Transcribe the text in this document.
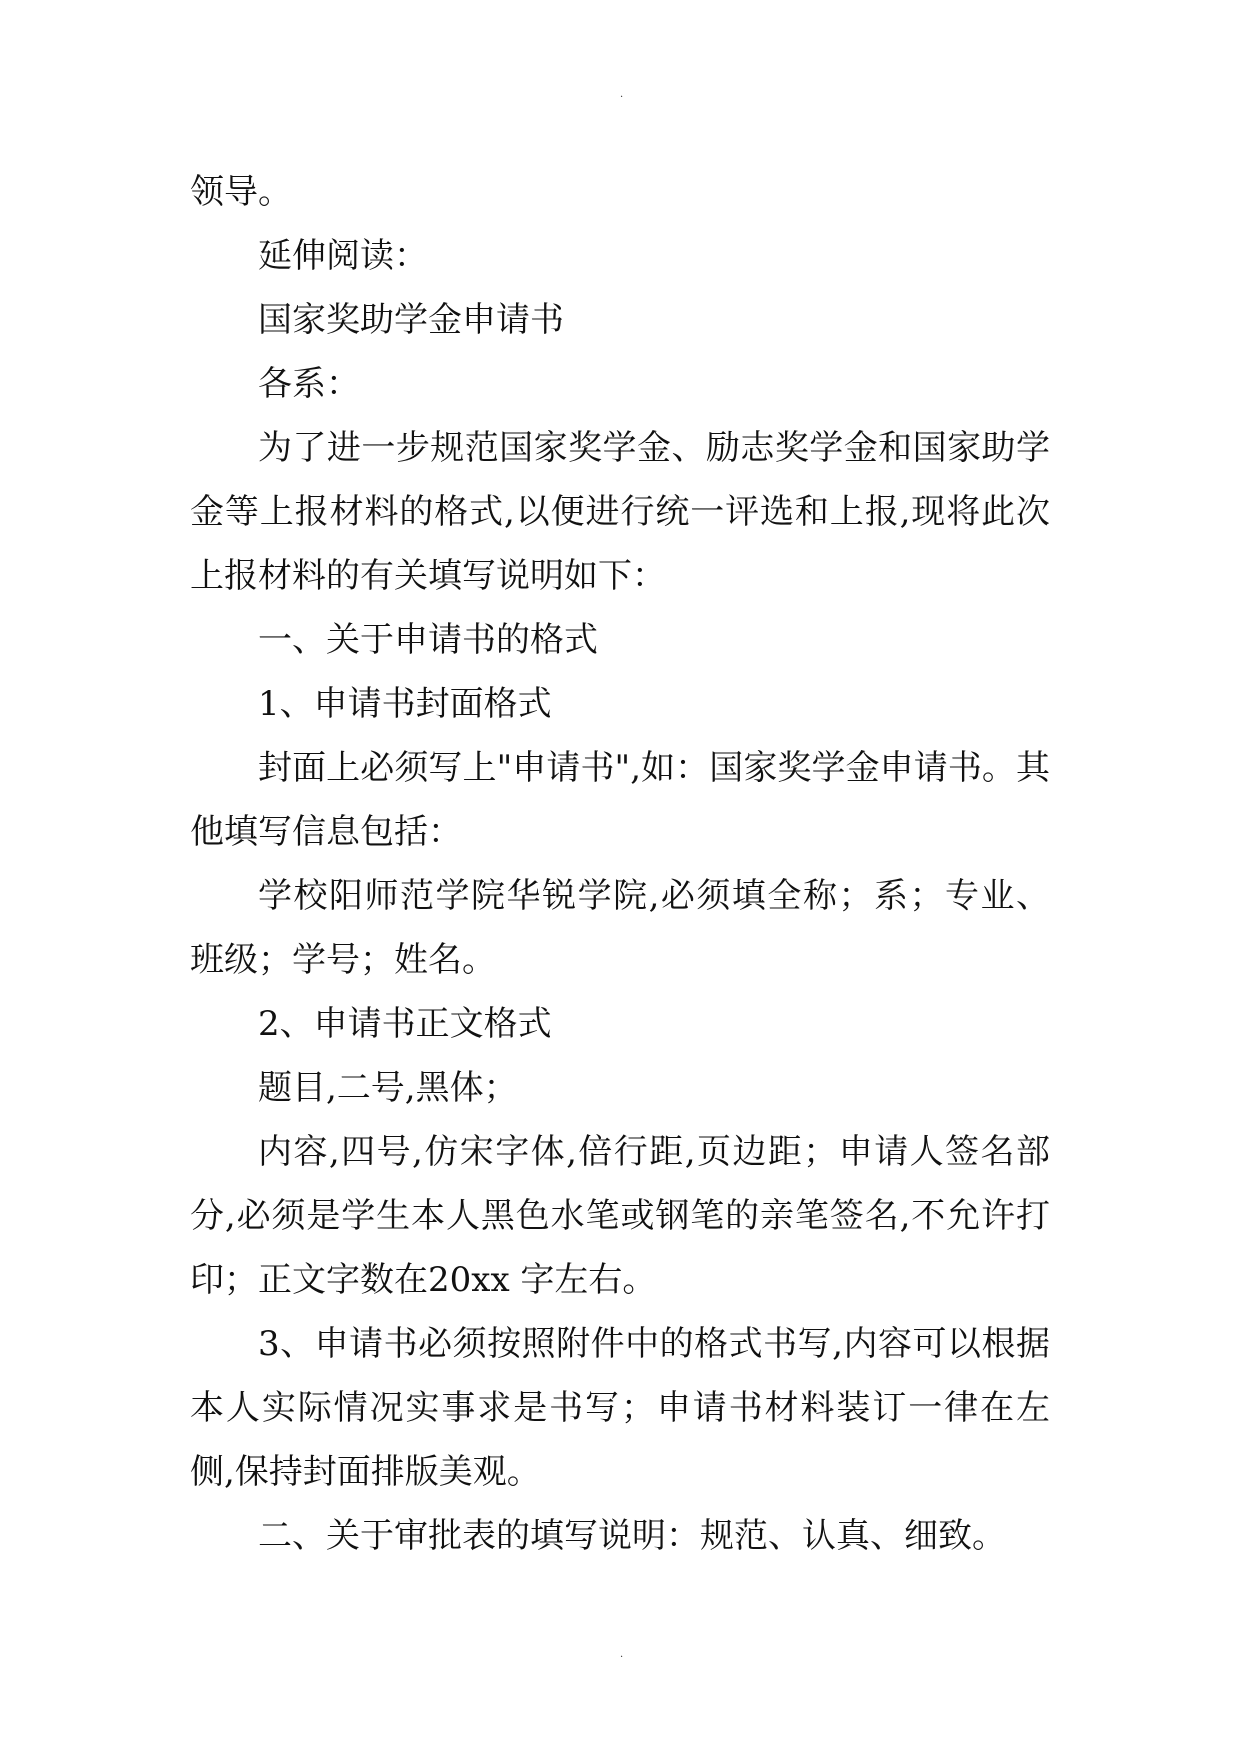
.

领导。

延伸阅读：

国家奖助学金申请书

各系：

为了进一步规范国家奖学金、励志奖学金和国家助学金等上报材料的格式,以便进行统一评选和上报,现将此次上报材料的有关填写说明如下：

一、关于申请书的格式

1、申请书封面格式

封面上必须写上"申请书",如：国家奖学金申请书。其他填写信息包括：

学校阳师范学院华锐学院,必须填全称；系；专业、班级；学号；姓名。

2、申请书正文格式

题目,二号,黑体；

内容,四号,仿宋字体,倍行距,页边距；申请人签名部分,必须是学生本人黑色水笔或钢笔的亲笔签名,不允许打印；正文字数在20xx 字左右。

3、申请书必须按照附件中的格式书写,内容可以根据本人实际情况实事求是书写；申请书材料装订一律在左侧,保持封面排版美观。

二、关于审批表的填写说明：规范、认真、细致。

.
